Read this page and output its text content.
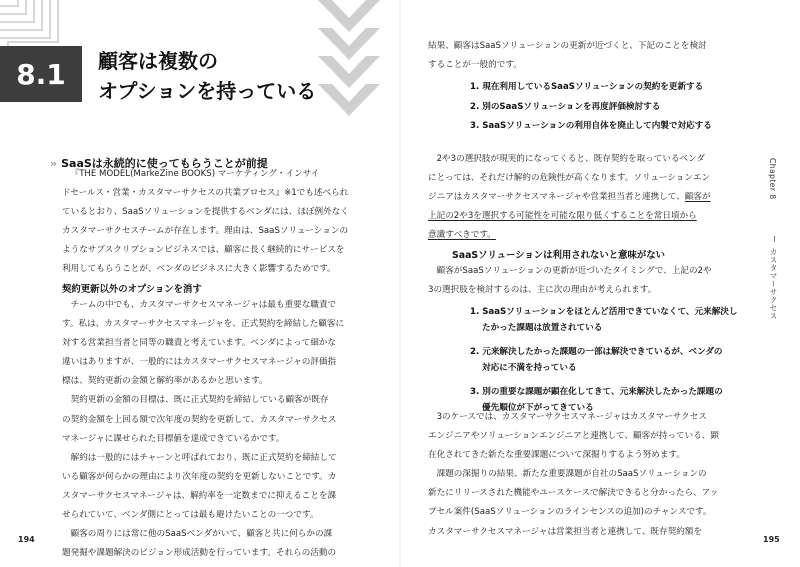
8.1	顧客は複数の
オプションを持っている
» SaaSは永続的に使ってもらうことが前提
『THE MODEL(MarkeZine BOOKS) マーケティング・インサイ
ドセールス・営業・カスタマーサクセスの共業プロセス』※1でも述べられ
ているとおり、SaaSソリューションを提供するベンダには、ほぼ例外なく
カスタマーサクセスチームが存在します。理由は、SaaSソリューションの
ようなサブスクリプションビジネスでは、顧客に長く継続的にサービスを
利用してもらうことが、ベンダのビジネスに大きく影響するためです。
契約更新以外のオプションを消す
チームの中でも、カスタマーサクセスマネージャは最も重要な職責で
す。私は、カスタマーサクセスマネージャを、正式契約を締結した顧客に
対する営業担当者と同等の職責と考えています。ベンダによって細かな
違いはありますが、一般的にはカスタマーサクセスマネージャの評価指
標は、契約更新の金額と解約率があるかと思います。
契約更新の金額の目標は、既に正式契約を締結している顧客が既存
の契約金額を上回る額で次年度の契約を更新して、カスタマーサクセス
マネージャに課せられた目標値を達成できているかです。
解約は一般的にはチャーンと呼ばれており、既に正式契約を締結して
いる顧客が何らかの理由により次年度の契約を更新しないことです。カ
スタマーサクセスマネージャは、解約率を一定数までに抑えることを課
せられていて、ベンダ側にとっては最も避けたいことの一つです。
顧客の周りには常に他のSaaSベンダがいて、顧客と共に何らかの課
題発掘や課題解決のビジョン形成活動を行っています。それらの活動の
194
結果、顧客はSaaSソリューションの更新が近づくと、下記のことを検討
することが一般的です。
1. 現在利用しているSaaSソリューションの契約を更新する
2. 別のSaaSソリューションを再度評価検討する
3. SaaSソリューションの利用自体を廃止して内製で対応する
2や3の選択肢が現実的になってくると、既存契約を取っているベンダ
にとっては、それだけ解約の危険性が高くなります。ソリューションエン
ジニアはカスタマーサクセスマネージャや営業担当者と連携して、顧客が
上記の2や3を選択する可能性を可能な限り低くすることを常日頃から
意識すべきです。
SaaSソリューションは利用されないと意味がない
顧客がSaaSソリューションの更新が近づいたタイミングで、上記の2や
3の選択肢を検討するのは、主に次の理由が考えられます。
1. SaaSソリューションをほとんど活用できていなくて、元来解決し
たかった課題は放置されている
2. 元来解決したかった課題の一部は解決できているが、ベンダの
対応に不満を持っている
3. 別の重要な課題が顕在化してきて、元来解決したかった課題の
優先順位が下がってきている
3のケースでは、カスタマーサクセスマネージャはカスタマーサクセス
エンジニアやソリューションエンジニアと連携して、顧客が持っている、顕
在化されてきた新たな重要課題について深掘りするよう努めます。
課題の深掘りの結果、新たな重要課題が自社のSaaSソリューションの
新たにリリースされた機能やユースケースで解決できると分かったら、アッ
プセル案件(SaaSソリューションのラインセンスの追加)のチャンスです。
カスタマーサクセスマネージャは営業担当者と連携して、既存契約額を
Chapter 8
カスタマーサクセス
195
